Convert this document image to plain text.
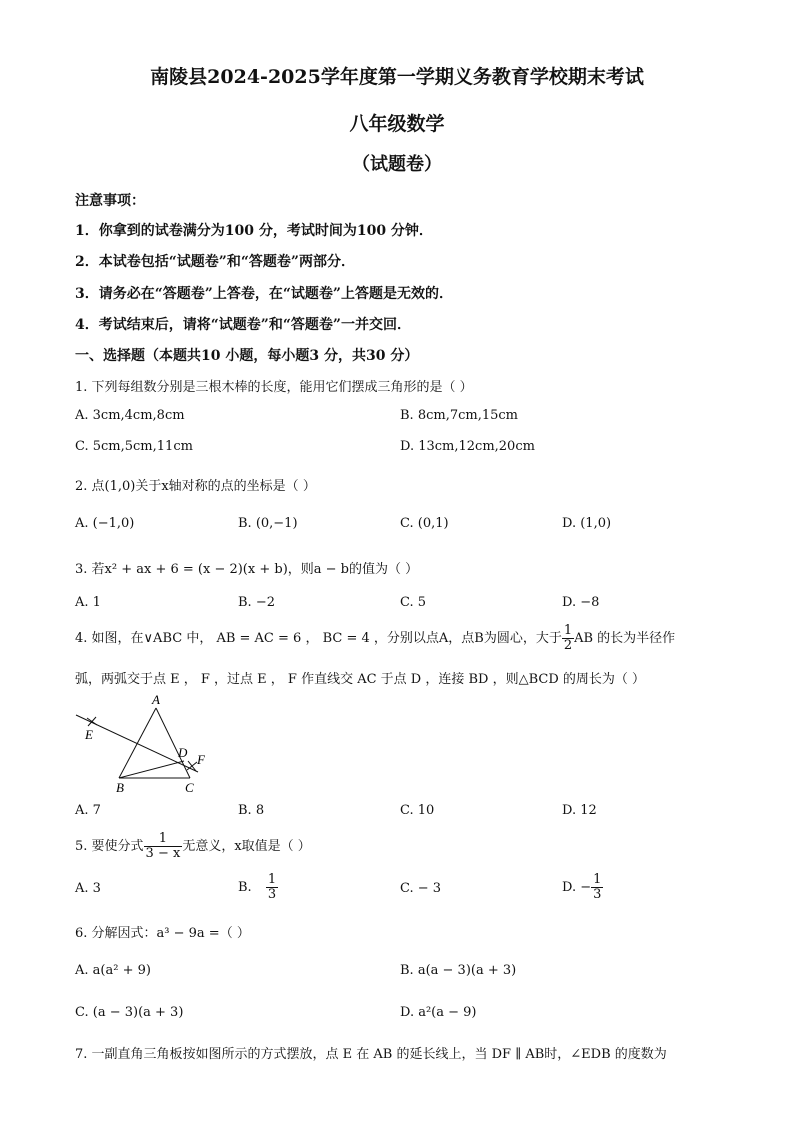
南陵县2024-2025学年度第一学期义务教育学校期末考试
八年级数学
（试题卷）
注意事项：
1．你拿到的试卷满分为100 分，考试时间为100 分钟．
2．本试卷包括“试题卷”和“答题卷”两部分．
3．请务必在“答题卷”上答卷，在“试题卷”上答题是无效的．
4．考试结束后，请将“试题卷”和“答题卷”一并交回．
一、选择题（本题共10 小题，每小题3 分，共30 分）
1. 下列每组数分别是三根木棒的长度，能用它们摆成三角形的是（ ）
A. 3cm,4cm,8cm	B. 8cm,7cm,15cm
C. 5cm,5cm,11cm	D. 13cm,12cm,20cm
2. 点(1,0)关于x轴对称的点的坐标是（ ）
A. (−1,0)	B. (0,−1)	C. (0,1)	D. (1,0)
3. 若x² + ax + 6 = (x − 2)(x + b)，则a − b的值为（ ）
A. 1	B. −2	C. 5	D. −8
4. 如图，在∨ABC 中， AB = AC = 6 ， BC = 4 ，分别以点A，点B为圆心，大于 $\frac{1}{2}$ AB 的长为半径作
弧，两弧交于点 E ， F ，过点 E ， F 作直线交 AC 于点 D ，连接 BD ，则△BCD 的周长为（ ）
A
E
D F
B	C
A. 7	B. 8	C. 10	D. 12
5. 要使分式 $\frac{1}{3 - x}$ 无意义，x取值是（ ）
A. 3	B. $\frac{1}{3}$	C. − 3	D. − $\frac{1}{3}$
6. 分解因式：a³ − 9a =（ ）
A. a(a² + 9)	B. a(a − 3)(a + 3)
C. (a − 3)(a + 3)	D. a²(a − 9)
7. 一副直角三角板按如图所示的方式摆放，点 E 在 AB 的延长线上，当 DF ∥ AB时，∠EDB 的度数为
